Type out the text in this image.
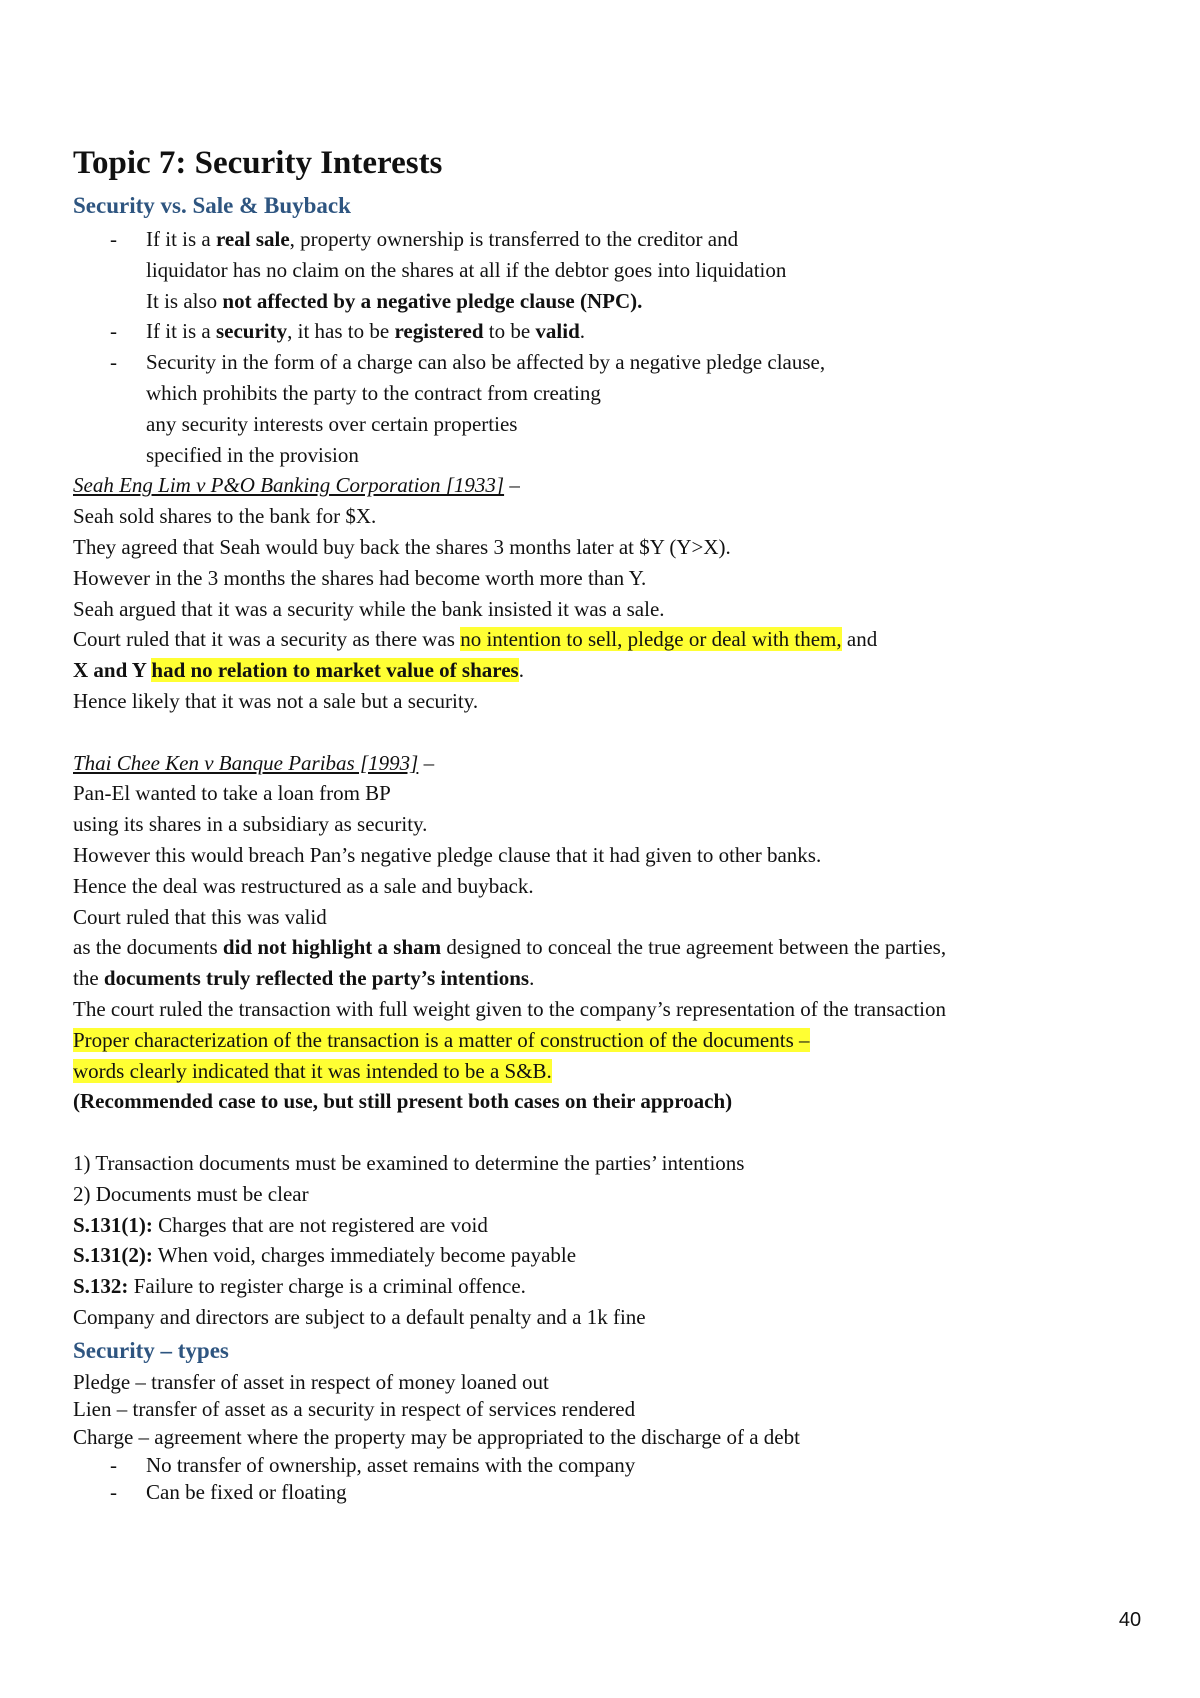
Topic 7: Security Interests
Security vs. Sale & Buyback
- If it is a real sale, property ownership is transferred to the creditor and
liquidator has no claim on the shares at all if the debtor goes into liquidation
It is also not affected by a negative pledge clause (NPC).
- If it is a security, it has to be registered to be valid.
- Security in the form of a charge can also be affected by a negative pledge clause,
which prohibits the party to the contract from creating
any security interests over certain properties
specified in the provision
Seah Eng Lim v P&O Banking Corporation [1933] –
Seah sold shares to the bank for $X.
They agreed that Seah would buy back the shares 3 months later at $Y (Y>X).
However in the 3 months the shares had become worth more than Y.
Seah argued that it was a security while the bank insisted it was a sale.
Court ruled that it was a security as there was no intention to sell, pledge or deal with them, and
X and Y had no relation to market value of shares.
Hence likely that it was not a sale but a security.
Thai Chee Ken v Banque Paribas [1993] –
Pan-El wanted to take a loan from BP
using its shares in a subsidiary as security.
However this would breach Pan’s negative pledge clause that it had given to other banks.
Hence the deal was restructured as a sale and buyback.
Court ruled that this was valid
as the documents did not highlight a sham designed to conceal the true agreement between the parties,
the documents truly reflected the party’s intentions.
The court ruled the transaction with full weight given to the company’s representation of the transaction
Proper characterization of the transaction is a matter of construction of the documents –
words clearly indicated that it was intended to be a S&B.
(Recommended case to use, but still present both cases on their approach)
1) Transaction documents must be examined to determine the parties’ intentions
2) Documents must be clear
S.131(1): Charges that are not registered are void
S.131(2): When void, charges immediately become payable
S.132: Failure to register charge is a criminal offence.
Company and directors are subject to a default penalty and a 1k fine
Security – types
Pledge – transfer of asset in respect of money loaned out
Lien – transfer of asset as a security in respect of services rendered
Charge – agreement where the property may be appropriated to the discharge of a debt
- No transfer of ownership, asset remains with the company
- Can be fixed or floating
40
